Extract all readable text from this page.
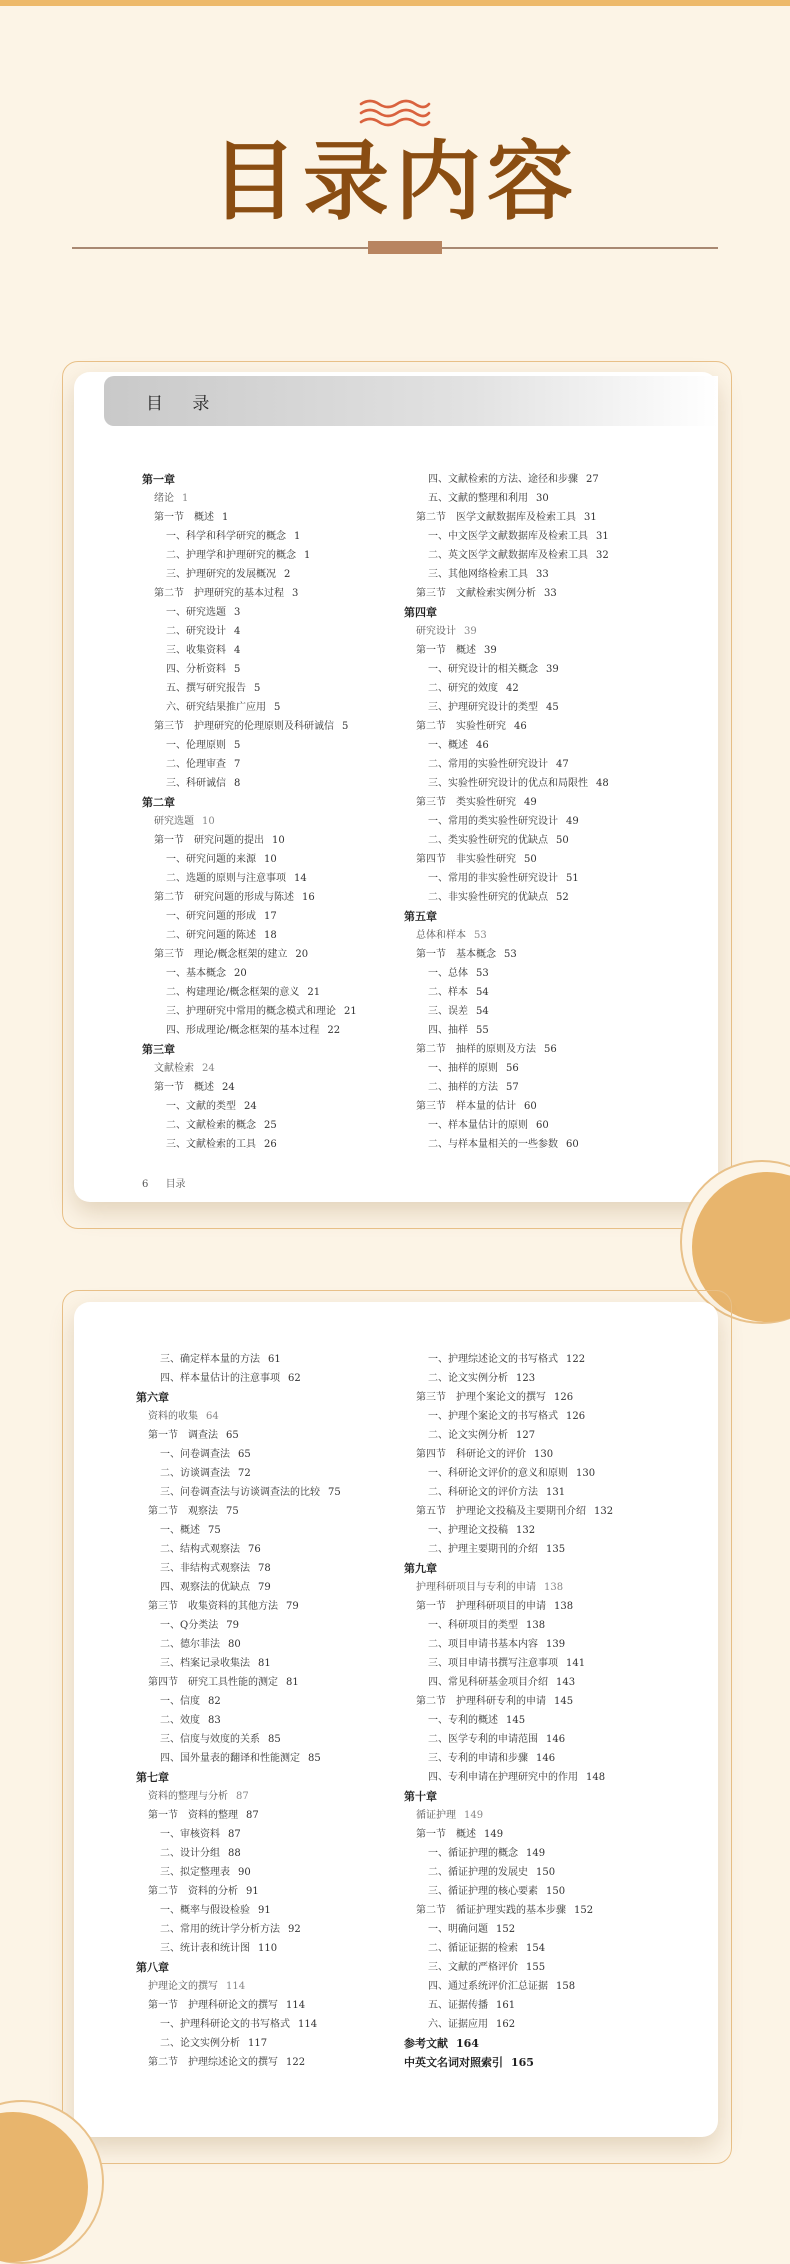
目录内容
目 录
第一章
绪论 1
第一节　概述 1
一、科学和科学研究的概念 1
二、护理学和护理研究的概念 1
三、护理研究的发展概况 2
第二节　护理研究的基本过程 3
一、研究选题 3
二、研究设计 4
三、收集资料 4
四、分析资料 5
五、撰写研究报告 5
六、研究结果推广应用 5
第三节　护理研究的伦理原则及科研诚信 5
一、伦理原则 5
二、伦理审查 7
三、科研诚信 8
第二章
研究选题 10
第一节　研究问题的提出 10
一、研究问题的来源 10
二、选题的原则与注意事项 14
第二节　研究问题的形成与陈述 16
一、研究问题的形成 17
二、研究问题的陈述 18
第三节　理论/概念框架的建立 20
一、基本概念 20
二、构建理论/概念框架的意义 21
三、护理研究中常用的概念模式和理论 21
四、形成理论/概念框架的基本过程 22
第三章
文献检索 24
第一节　概述 24
一、文献的类型 24
二、文献检索的概念 25
三、文献检索的工具 26
四、文献检索的方法、途径和步骤 27
五、文献的整理和利用 30
第二节　医学文献数据库及检索工具 31
一、中文医学文献数据库及检索工具 31
二、英文医学文献数据库及检索工具 32
三、其他网络检索工具 33
第三节　文献检索实例分析 33
第四章
研究设计 39
第一节　概述 39
一、研究设计的相关概念 39
二、研究的效度 42
三、护理研究设计的类型 45
第二节　实验性研究 46
一、概述 46
二、常用的实验性研究设计 47
三、实验性研究设计的优点和局限性 48
第三节　类实验性研究 49
一、常用的类实验性研究设计 49
二、类实验性研究的优缺点 50
第四节　非实验性研究 50
一、常用的非实验性研究设计 51
二、非实验性研究的优缺点 52
第五章
总体和样本 53
第一节　基本概念 53
一、总体 53
二、样本 54
三、误差 54
四、抽样 55
第二节　抽样的原则及方法 56
一、抽样的原则 56
二、抽样的方法 57
第三节　样本量的估计 60
一、样本量估计的原则 60
二、与样本量相关的一些参数 60
6 目录
三、确定样本量的方法 61
四、样本量估计的注意事项 62
第六章
资料的收集 64
第一节　调查法 65
一、问卷调查法 65
二、访谈调查法 72
三、问卷调查法与访谈调查法的比较 75
第二节　观察法 75
一、概述 75
二、结构式观察法 76
三、非结构式观察法 78
四、观察法的优缺点 79
第三节　收集资料的其他方法 79
一、Q分类法 79
二、德尔菲法 80
三、档案记录收集法 81
第四节　研究工具性能的测定 81
一、信度 82
二、效度 83
三、信度与效度的关系 85
四、国外量表的翻译和性能测定 85
第七章
资料的整理与分析 87
第一节　资料的整理 87
一、审核资料 87
二、设计分组 88
三、拟定整理表 90
第二节　资料的分析 91
一、概率与假设检验 91
二、常用的统计学分析方法 92
三、统计表和统计图 110
第八章
护理论文的撰写 114
第一节　护理科研论文的撰写 114
一、护理科研论文的书写格式 114
二、论文实例分析 117
第二节　护理综述论文的撰写 122
一、护理综述论文的书写格式 122
二、论文实例分析 123
第三节　护理个案论文的撰写 126
一、护理个案论文的书写格式 126
二、论文实例分析 127
第四节　科研论文的评价 130
一、科研论文评价的意义和原则 130
二、科研论文的评价方法 131
第五节　护理论文投稿及主要期刊介绍 132
一、护理论文投稿 132
二、护理主要期刊的介绍 135
第九章
护理科研项目与专利的申请 138
第一节　护理科研项目的申请 138
一、科研项目的类型 138
二、项目申请书基本内容 139
三、项目申请书撰写注意事项 141
四、常见科研基金项目介绍 143
第二节　护理科研专利的申请 145
一、专利的概述 145
二、医学专利的申请范围 146
三、专利的申请和步骤 146
四、专利申请在护理研究中的作用 148
第十章
循证护理 149
第一节　概述 149
一、循证护理的概念 149
二、循证护理的发展史 150
三、循证护理的核心要素 150
第二节　循证护理实践的基本步骤 152
一、明确问题 152
二、循证证据的检索 154
三、文献的严格评价 155
四、通过系统评价汇总证据 158
五、证据传播 161
六、证据应用 162
参考文献 164
中英文名词对照索引 165
